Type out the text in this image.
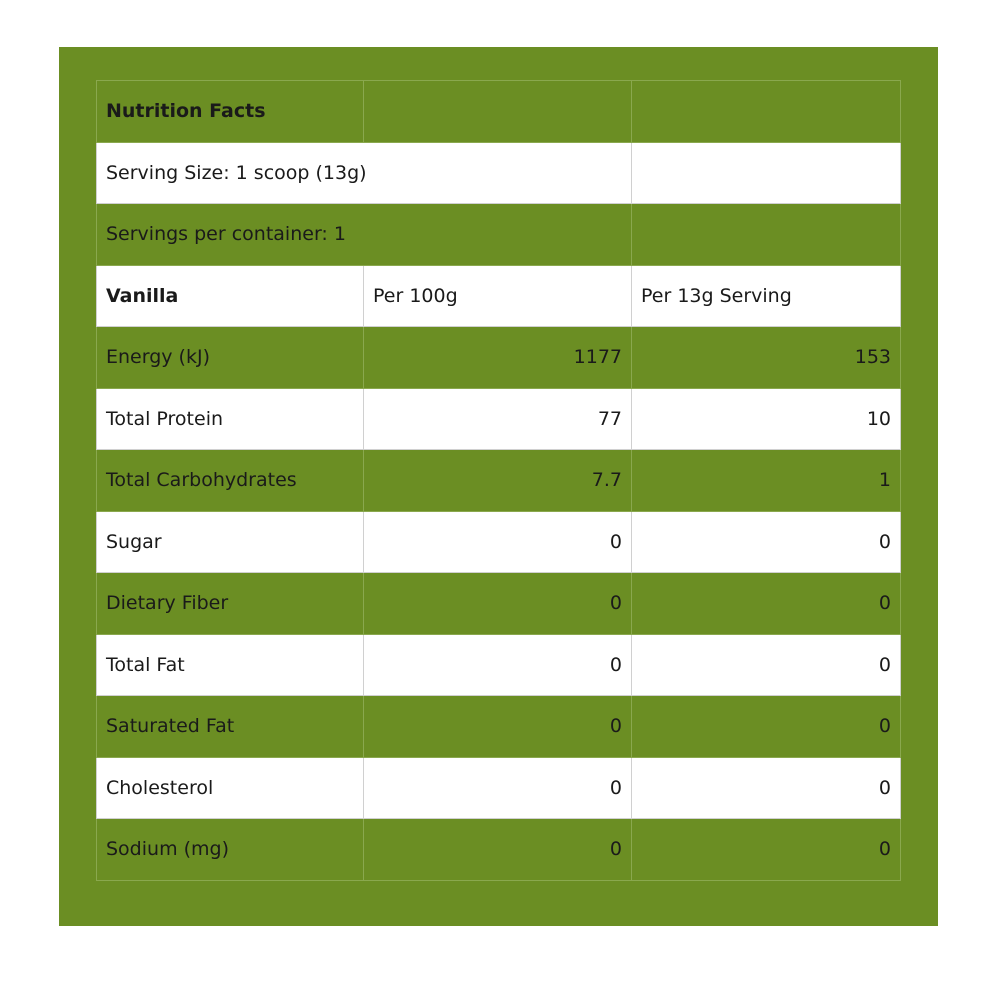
Nutrition Facts		
Serving Size: 1 scoop (13g)		
Servings per container: 1		
Vanilla	Per 100g	Per 13g Serving
Energy (kJ)	1177	153
Total Protein	77	10
Total Carbohydrates	7.7	1
Sugar	0	0
Dietary Fiber	0	0
Total Fat	0	0
Saturated Fat	0	0
Cholesterol	0	0
Sodium (mg)	0	0
